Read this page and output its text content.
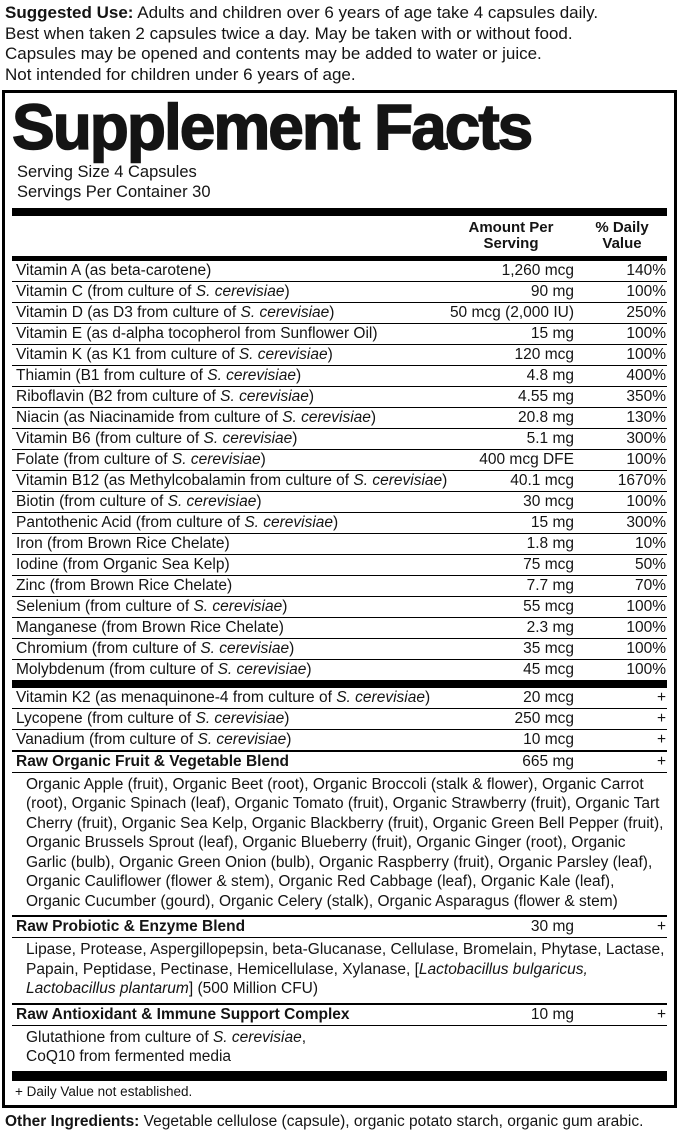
Suggested Use: Adults and children over 6 years of age take 4 capsules daily.
Best when taken 2 capsules twice a day. May be taken with or without food.
Capsules may be opened and contents may be added to water or juice.
Not intended for children under 6 years of age.
Supplement Facts
Serving Size 4 Capsules
Servings Per Container 30
Amount Per Serving
% Daily Value
Vitamin A (as beta-carotene)	1,260 mcg	140%
Vitamin C (from culture of S. cerevisiae)	90 mg	100%
Vitamin D (as D3 from culture of S. cerevisiae)	50 mcg (2,000 IU)	250%
Vitamin E (as d-alpha tocopherol from Sunflower Oil)	15 mg	100%
Vitamin K (as K1 from culture of S. cerevisiae)	120 mcg	100%
Thiamin (B1 from culture of S. cerevisiae)	4.8 mg	400%
Riboflavin (B2 from culture of S. cerevisiae)	4.55 mg	350%
Niacin (as Niacinamide from culture of S. cerevisiae)	20.8 mg	130%
Vitamin B6 (from culture of S. cerevisiae)	5.1 mg	300%
Folate (from culture of S. cerevisiae)	400 mcg DFE	100%
Vitamin B12 (as Methylcobalamin from culture of S. cerevisiae)	40.1 mcg	1670%
Biotin (from culture of S. cerevisiae)	30 mcg	100%
Pantothenic Acid (from culture of S. cerevisiae)	15 mg	300%
Iron (from Brown Rice Chelate)	1.8 mg	10%
Iodine (from Organic Sea Kelp)	75 mcg	50%
Zinc (from Brown Rice Chelate)	7.7 mg	70%
Selenium (from culture of S. cerevisiae)	55 mcg	100%
Manganese (from Brown Rice Chelate)	2.3 mg	100%
Chromium (from culture of S. cerevisiae)	35 mcg	100%
Molybdenum (from culture of S. cerevisiae)	45 mcg	100%
Vitamin K2 (as menaquinone-4 from culture of S. cerevisiae)	20 mcg	+
Lycopene (from culture of S. cerevisiae)	250 mcg	+
Vanadium (from culture of S. cerevisiae)	10 mcg	+
Raw Organic Fruit & Vegetable Blend	665 mg	+
Organic Apple (fruit), Organic Beet (root), Organic Broccoli (stalk & flower), Organic Carrot (root), Organic Spinach (leaf), Organic Tomato (fruit), Organic Strawberry (fruit), Organic Tart Cherry (fruit), Organic Sea Kelp, Organic Blackberry (fruit), Organic Green Bell Pepper (fruit), Organic Brussels Sprout (leaf), Organic Blueberry (fruit), Organic Ginger (root), Organic Garlic (bulb), Organic Green Onion (bulb), Organic Raspberry (fruit), Organic Parsley (leaf), Organic Cauliflower (flower & stem), Organic Red Cabbage (leaf), Organic Kale (leaf), Organic Cucumber (gourd), Organic Celery (stalk), Organic Asparagus (flower & stem)
Raw Probiotic & Enzyme Blend	30 mg	+
Lipase, Protease, Aspergillopepsin, beta-Glucanase, Cellulase, Bromelain, Phytase, Lactase, Papain, Peptidase, Pectinase, Hemicellulase, Xylanase, [Lactobacillus bulgaricus, Lactobacillus plantarum] (500 Million CFU)
Raw Antioxidant & Immune Support Complex	10 mg	+
Glutathione from culture of S. cerevisiae,
CoQ10 from fermented media
+ Daily Value not established.
Other Ingredients: Vegetable cellulose (capsule), organic potato starch, organic gum arabic.
